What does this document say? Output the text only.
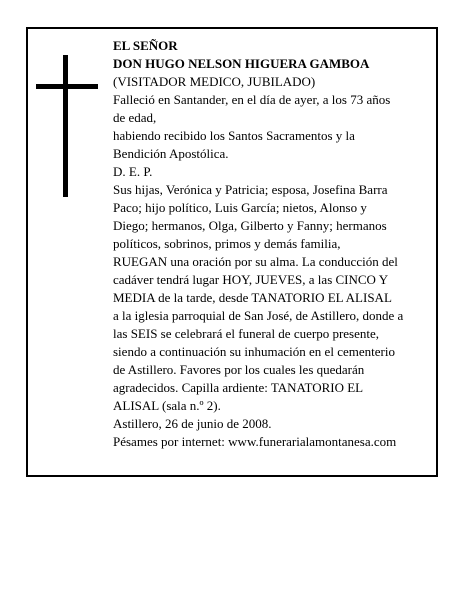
EL SEÑOR
DON HUGO NELSON HIGUERA GAMBOA
(VISITADOR MEDICO, JUBILADO)
Falleció en Santander, en el día de ayer, a los 73 años
de edad,
habiendo recibido los Santos Sacramentos y la
Bendición Apostólica.
D. E. P.
Sus hijas, Verónica y Patricia; esposa, Josefina Barra
Paco; hijo político, Luis García; nietos, Alonso y
Diego; hermanos, Olga, Gilberto y Fanny; hermanos
políticos, sobrinos, primos y demás familia,
RUEGAN una oración por su alma. La conducción del
cadáver tendrá lugar HOY, JUEVES, a las CINCO Y
MEDIA de la tarde, desde TANATORIO EL ALISAL
a la iglesia parroquial de San José, de Astillero, donde a
las SEIS se celebrará el funeral de cuerpo presente,
siendo a continuación su inhumación en el cementerio
de Astillero. Favores por los cuales les quedarán
agradecidos. Capilla ardiente: TANATORIO EL
ALISAL (sala n.º 2).
Astillero, 26 de junio de 2008.
Pésames por internet: www.funerarialamontanesa.com
